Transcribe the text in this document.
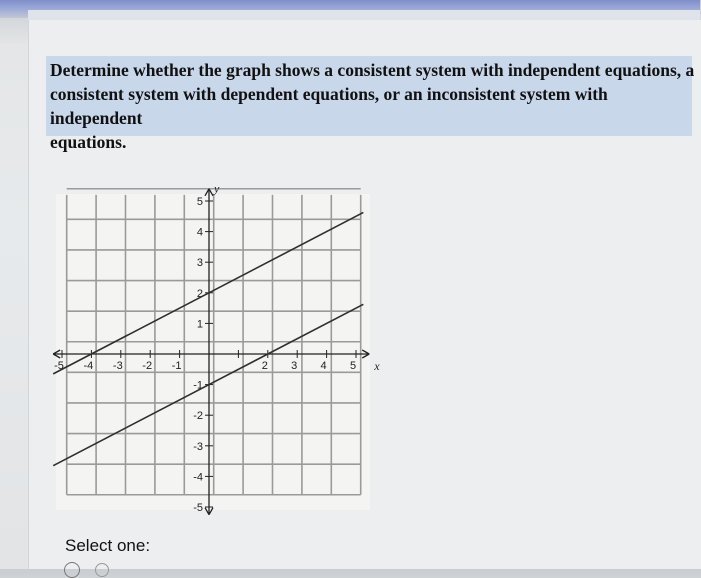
Determine whether the graph shows a consistent system with independent equations, a
consistent system with dependent equations, or an inconsistent system with independent
equations.
-5 -4 -3 -2 -1	2 3 4 5
5
4
3
2
1
-1
-2
-3
-4
-5
x
y
Select one:
